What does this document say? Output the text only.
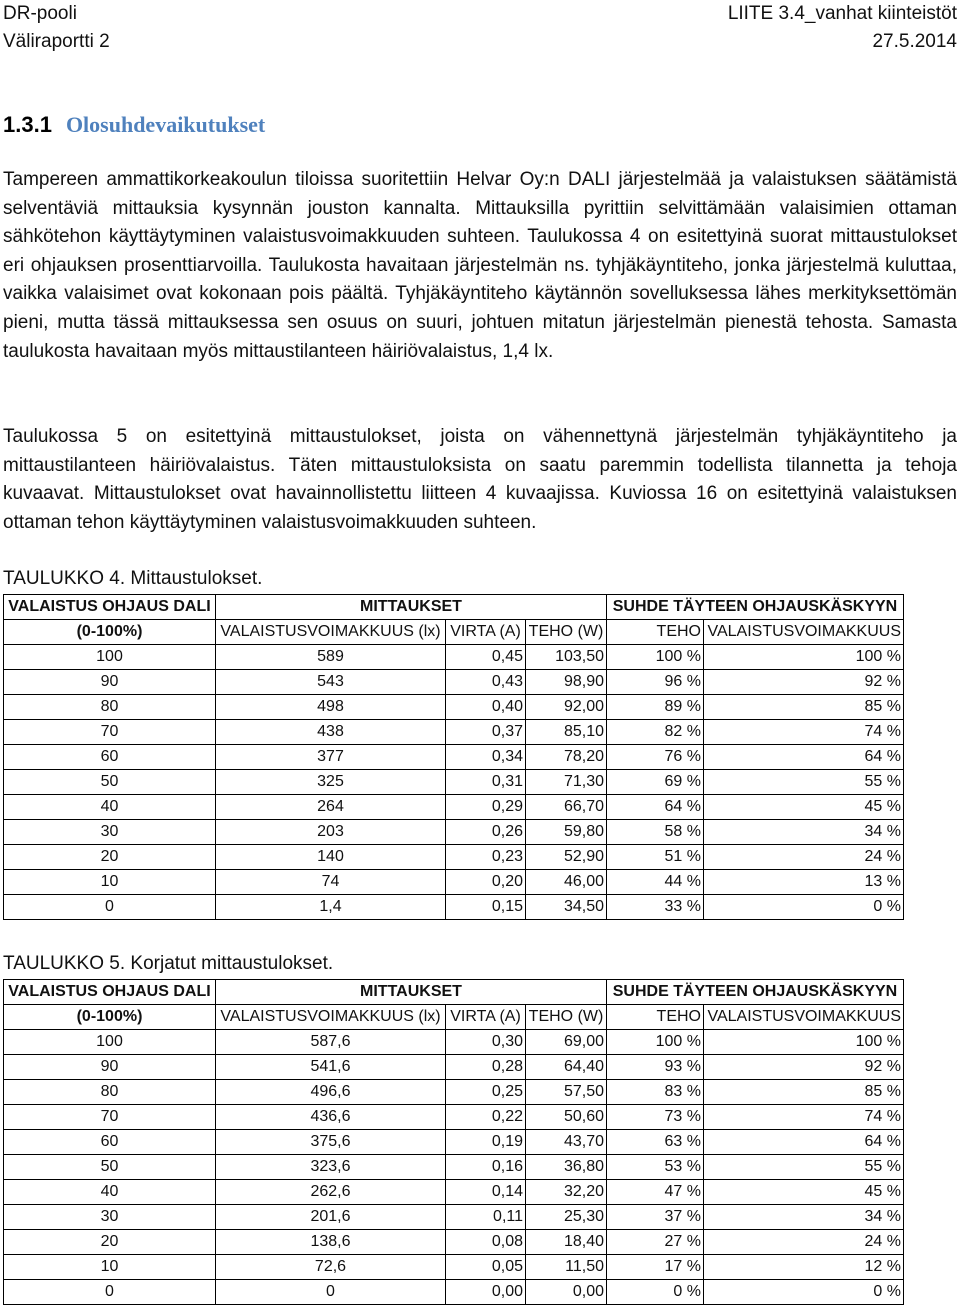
DR-pooli	LIITE 3.4_vanhat kiinteistöt
Väliraportti 2	27.5.2014
1.3.1 Olosuhdevaikutukset

Tampereen ammattikorkeakoulun tiloissa suoritettiin Helvar Oy:n DALI järjestelmää ja valaistuksen säätämistä selventäviä mittauksia kysynnän jouston kannalta. Mittauksilla pyrittiin selvittämään valaisimien ottaman sähkötehon käyttäytyminen valaistusvoimakkuuden suhteen. Taulukossa 4 on esitettyinä suorat mittaustulokset eri ohjauksen prosenttiarvoilla. Taulukosta havaitaan järjestelmän ns. tyhjäkäyntiteho, jonka järjestelmä kuluttaa, vaikka valaisimet ovat kokonaan pois päältä. Tyhjäkäyntiteho käytännön sovelluksessa lähes merkityksettömän pieni, mutta tässä mittauksessa sen osuus on suuri, johtuen mitatun järjestelmän pienestä tehosta. Samasta taulukosta havaitaan myös mittaustilanteen häiriövalaistus, 1,4 lx.

Taulukossa 5 on esitettyinä mittaustulokset, joista on vähennettynä järjestelmän tyhjäkäyntiteho ja mittaustilanteen häiriövalaistus. Täten mittaustuloksista on saatu paremmin todellista tilannetta ja tehoja kuvaavat. Mittaustulokset ovat havainnollistettu liitteen 4 kuvaajissa. Kuviossa 16 on esitettyinä valaistuksen ottaman tehon käyttäytyminen valaistusvoimakkuuden suhteen.

TAULUKKO 4. Mittaustulokset.
VALAISTUS OHJAUS DALI	MITTAUKSET			SUHDE TÄYTEEN OHJAUSKÄSKYYN	
(0-100%)	VALAISTUSVOIMAKKUUS (lx)	VIRTA (A)	TEHO (W)	TEHO	VALAISTUSVOIMAKKUUS
100	589	0,45	103,50	100 %	100 %
90	543	0,43	98,90	96 %	92 %
80	498	0,40	92,00	89 %	85 %
70	438	0,37	85,10	82 %	74 %
60	377	0,34	78,20	76 %	64 %
50	325	0,31	71,30	69 %	55 %
40	264	0,29	66,70	64 %	45 %
30	203	0,26	59,80	58 %	34 %
20	140	0,23	52,90	51 %	24 %
10	74	0,20	46,00	44 %	13 %
0	1,4	0,15	34,50	33 %	0 %
TAULUKKO 5. Korjatut mittaustulokset.
VALAISTUS OHJAUS DALI	MITTAUKSET			SUHDE TÄYTEEN OHJAUSKÄSKYYN	
(0-100%)	VALAISTUSVOIMAKKUUS (lx)	VIRTA (A)	TEHO (W)	TEHO	VALAISTUSVOIMAKKUUS
100	587,6	0,30	69,00	100 %	100 %
90	541,6	0,28	64,40	93 %	92 %
80	496,6	0,25	57,50	83 %	85 %
70	436,6	0,22	50,60	73 %	74 %
60	375,6	0,19	43,70	63 %	64 %
50	323,6	0,16	36,80	53 %	55 %
40	262,6	0,14	32,20	47 %	45 %
30	201,6	0,11	25,30	37 %	34 %
20	138,6	0,08	18,40	27 %	24 %
10	72,6	0,05	11,50	17 %	12 %
0	0	0,00	0,00	0 %	0 %
